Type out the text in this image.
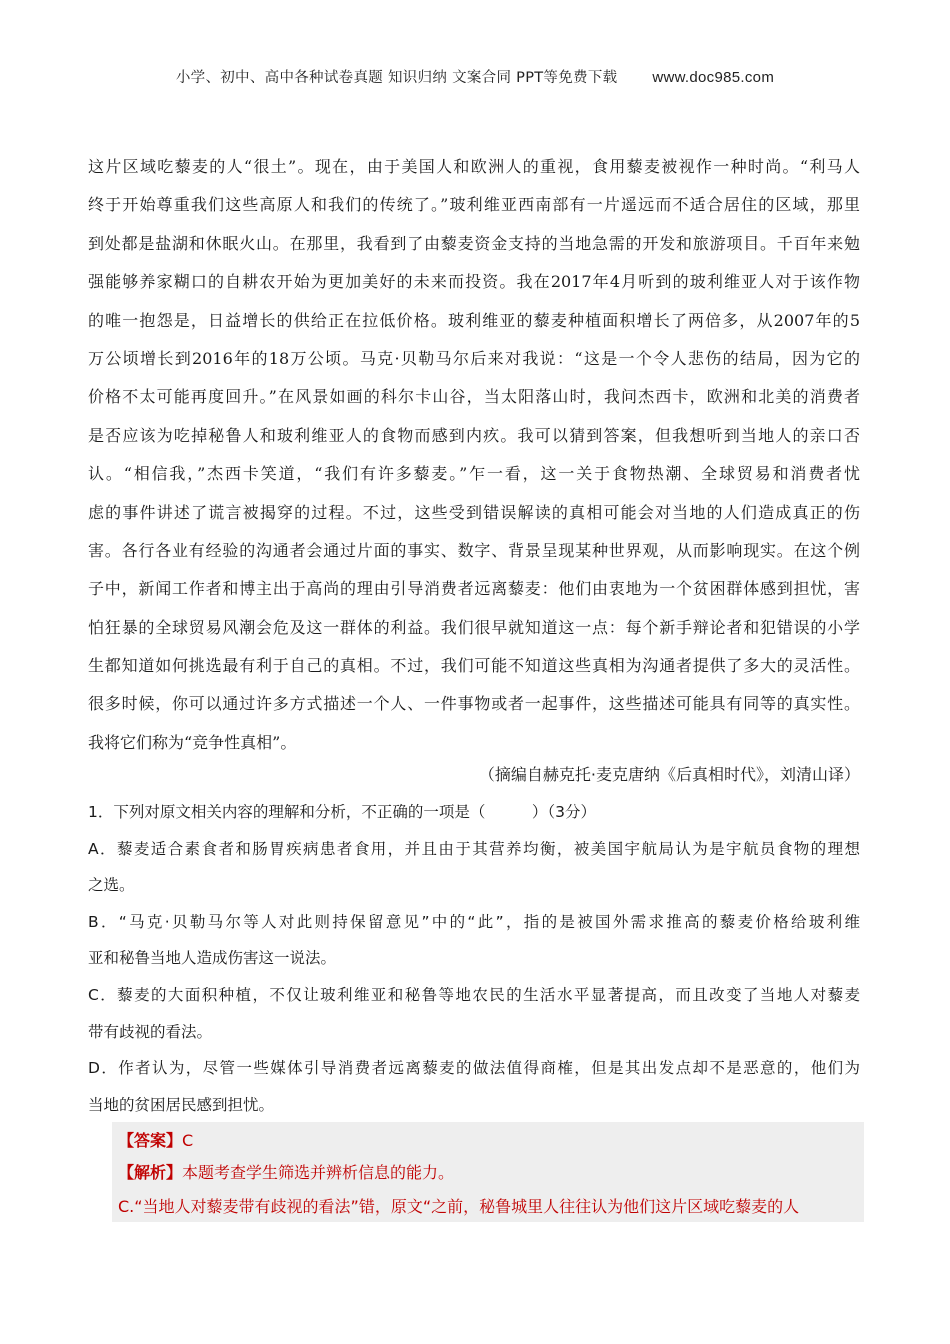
小学、初中、高中各种试卷真题 知识归纳 文案合同 PPT等免费下载 www.doc985.com
这片区域吃藜麦的人“很土”。现在，由于美国人和欧洲人的重视，食用藜麦被视作一种时尚。“利马人
终于开始尊重我们这些高原人和我们的传统了。”玻利维亚西南部有一片遥远而不适合居住的区域，那里
到处都是盐湖和休眠火山。在那里，我看到了由藜麦资金支持的当地急需的开发和旅游项目。千百年来勉
强能够养家糊口的自耕农开始为更加美好的未来而投资。我在2017年4月听到的玻利维亚人对于该作物
的唯一抱怨是，日益增长的供给正在拉低价格。玻利维亚的藜麦种植面积增长了两倍多，从2007年的5
万公顷增长到2016年的18万公顷。马克·贝勒马尔后来对我说：“这是一个令人悲伤的结局，因为它的
价格不太可能再度回升。”在风景如画的科尔卡山谷，当太阳落山时，我问杰西卡，欧洲和北美的消费者
是否应该为吃掉秘鲁人和玻利维亚人的食物而感到内疚。我可以猜到答案，但我想听到当地人的亲口否
认。“相信我，”杰西卡笑道，“我们有许多藜麦。”乍一看，这一关于食物热潮、全球贸易和消费者忧
虑的事件讲述了谎言被揭穿的过程。不过，这些受到错误解读的真相可能会对当地的人们造成真正的伤
害。各行各业有经验的沟通者会通过片面的事实、数字、背景呈现某种世界观，从而影响现实。在这个例
子中，新闻工作者和博主出于高尚的理由引导消费者远离藜麦：他们由衷地为一个贫困群体感到担忧，害
怕狂暴的全球贸易风潮会危及这一群体的利益。我们很早就知道这一点：每个新手辩论者和犯错误的小学
生都知道如何挑选最有利于自己的真相。不过，我们可能不知道这些真相为沟通者提供了多大的灵活性。
很多时候，你可以通过许多方式描述一个人、一件事物或者一起事件，这些描述可能具有同等的真实性。
我将它们称为“竞争性真相”。
（摘编自赫克托·麦克唐纳《后真相时代》，刘清山译）
1．下列对原文相关内容的理解和分析，不正确的一项是（　　　）（3分）
A．藜麦适合素食者和肠胃疾病患者食用，并且由于其营养均衡，被美国宇航局认为是宇航员食物的理想
之选。
B．“马克·贝勒马尔等人对此则持保留意见”中的“此”，指的是被国外需求推高的藜麦价格给玻利维
亚和秘鲁当地人造成伤害这一说法。
C．藜麦的大面积种植，不仅让玻利维亚和秘鲁等地农民的生活水平显著提高，而且改变了当地人对藜麦
带有歧视的看法。
D．作者认为，尽管一些媒体引导消费者远离藜麦的做法值得商榷，但是其出发点却不是恶意的，他们为
当地的贫困居民感到担忧。
【答案】C
【解析】本题考查学生筛选并辨析信息的能力。
C.“当地人对藜麦带有歧视的看法”错，原文“之前，秘鲁城里人往往认为他们这片区域吃藜麦的人
